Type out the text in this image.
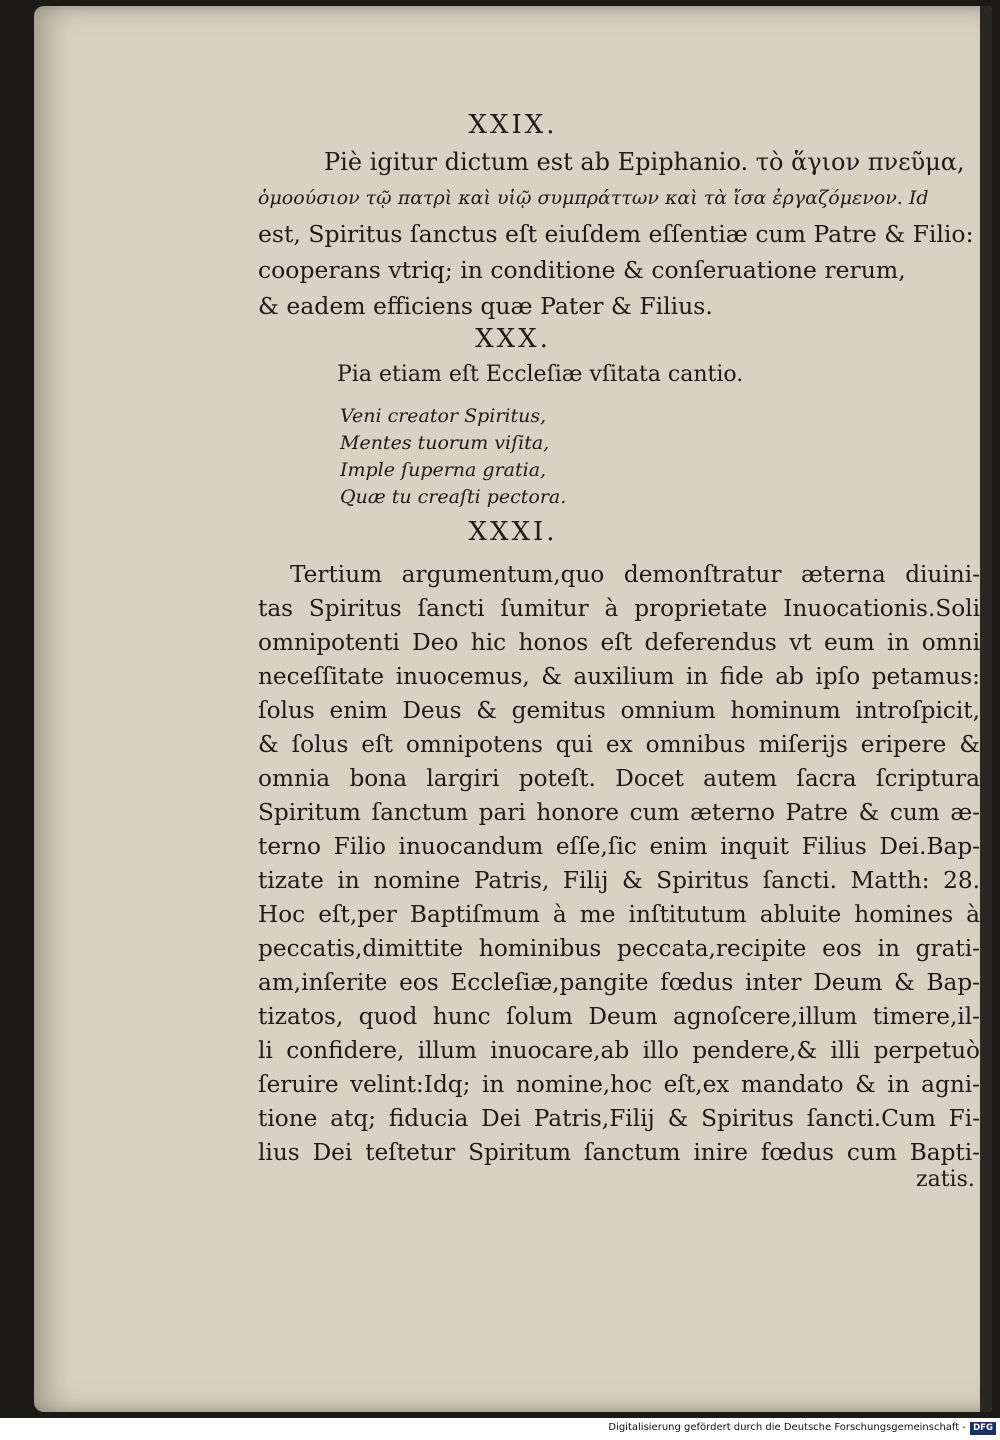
XXIX.
Piè igitur dictum est ab Epiphanio. τὸ ἅγιον πνεῦμα,
ὁμοούσιον τῷ πατρὶ καὶ υἱῷ συμπράττων καὶ τὰ ἴσα ἐργαζόμενον. Id
est, Spiritus ſanctus eſt eiuſdem eſſentiæ cum Patre & Filio:
cooperans vtriq; in conditione & conſeruatione rerum,
& eadem efficiens quæ Pater & Filius.
XXX.
Pia etiam eſt Eccleſiæ vſitata cantio.
Veni creator Spiritus,
Mentes tuorum viſita,
Imple ſuperna gratia,
Quæ tu creaſti pectora.
XXXI.
Tertium argumentum,quo demonſtratur æterna diuini-
tas Spiritus ſancti ſumitur à proprietate Inuocationis.Soli
omnipotenti Deo hic honos eſt deferendus vt eum in omni
neceſſitate inuocemus, & auxilium in fide ab ipſo petamus:
ſolus enim Deus & gemitus omnium hominum introſpicit,
& ſolus eſt omnipotens qui ex omnibus miſerijs eripere &
omnia bona largiri poteſt. Docet autem ſacra ſcriptura
Spiritum ſanctum pari honore cum æterno Patre & cum æ-
terno Filio inuocandum eſſe,ſic enim inquit Filius Dei.Bap-
tizate in nomine Patris, Filij & Spiritus ſancti. Matth: 28.
Hoc eſt,per Baptiſmum à me inſtitutum abluite homines à
peccatis,dimittite hominibus peccata,recipite eos in grati-
am,inſerite eos Eccleſiæ,pangite fœdus inter Deum & Bap-
tizatos, quod hunc ſolum Deum agnoſcere,illum timere,il-
li confidere, illum inuocare,ab illo pendere,& illi perpetuò
ſeruire velint:Idq; in nomine,hoc eſt,ex mandato & in agni-
tione atq; fiducia Dei Patris,Filij & Spiritus ſancti.Cum Fi-
lius Dei teſtetur Spiritum ſanctum inire fœdus cum Bapti-
zatis.
Digitalisierung gefördert durch die Deutsche Forschungsgemeinschaft - DFG
